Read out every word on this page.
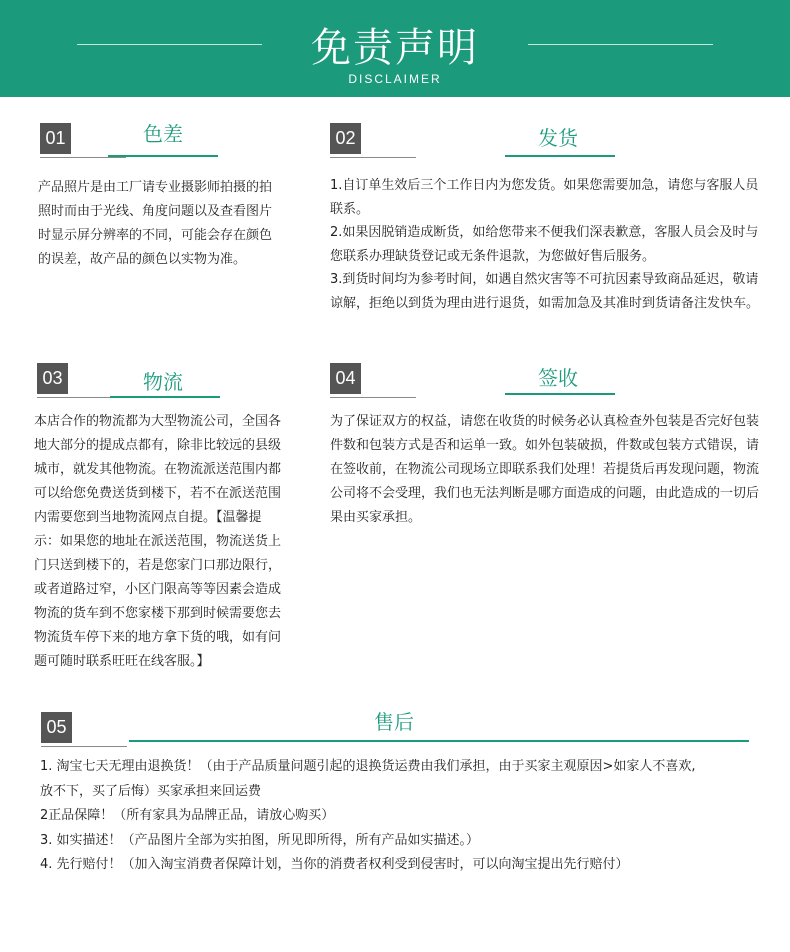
免责声明
DISCLAIMER
01	色差
产品照片是由工厂请专业摄影师拍摄的拍照时而由于光线、角度问题以及查看图片时显示屏分辨率的不同，可能会存在颜色的误差，故产品的颜色以实物为准。
02	发货

1.自订单生效后三个工作日内为您发货。如果您需要加急，请您与客服人员联系。

2.如果因脱销造成断货，如给您带来不便我们深表歉意，客服人员会及时与您联系办理缺货登记或无条件退款，为您做好售后服务。

3.到货时间均为参考时间，如遇自然灾害等不可抗因素导致商品延迟，敬请谅解，拒绝以到货为理由进行退货，如需加急及其准时到货请备注发快车。

03	物流
本店合作的物流都为大型物流公司，全国各地大部分的提成点都有，除非比较远的县级城市，就发其他物流。在物流派送范围内都可以给您免费送货到楼下，若不在派送范围内需要您到当地物流网点自提。【温馨提示：如果您的地址在派送范围，物流送货上门只送到楼下的，若是您家门口那边限行，或者道路过窄，小区门限高等等因素会造成物流的货车到不您家楼下那到时候需要您去物流货车停下来的地方拿下货的哦，如有问题可随时联系旺旺在线客服。】
04	签收
为了保证双方的权益，请您在收货的时候务必认真检查外包装是否完好包装件数和包装方式是否和运单一致。如外包装破损，件数或包装方式错误，请在签收前，在物流公司现场立即联系我们处理！若提货后再发现问题，物流公司将不会受理，我们也无法判断是哪方面造成的问题，由此造成的一切后果由买家承担。
05	售后

1. 淘宝七天无理由退换货！（由于产品质量问题引起的退换货运费由我们承担，由于买家主观原因>如家人不喜欢,

放不下，买了后悔）买家承担来回运费

2正品保障！（所有家具为品牌正品，请放心购买）

3. 如实描述！（产品图片全部为实拍图，所见即所得，所有产品如实描述。）

4. 先行赔付！（加入淘宝消费者保障计划，当你的消费者权利受到侵害时，可以向淘宝提出先行赔付）
